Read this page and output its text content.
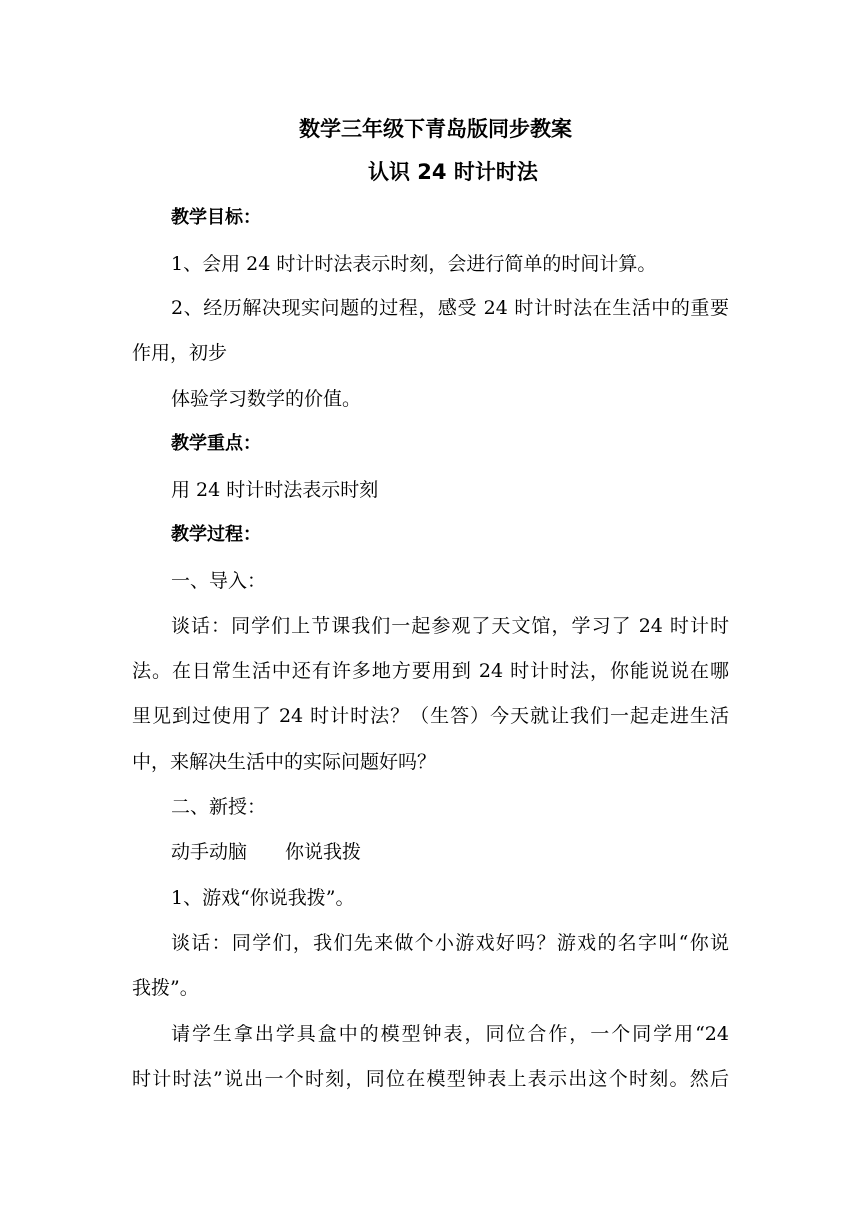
数学三年级下青岛版同步教案
认识 24 时计时法
教学目标：
1、会用 24 时计时法表示时刻，会进行简单的时间计算。
2、经历解决现实问题的过程，感受 24 时计时法在生活中的重要
作用，初步
体验学习数学的价值。
教学重点：
用 24 时计时法表示时刻
教学过程：
一、导入：
谈话：同学们上节课我们一起参观了天文馆，学习了 24 时计时
法。在日常生活中还有许多地方要用到 24 时计时法，你能说说在哪
里见到过使用了 24 时计时法？（生答）今天就让我们一起走进生活
中，来解决生活中的实际问题好吗？
二、新授：
动手动脑 你说我拨
1、游戏“你说我拨”。
谈话：同学们，我们先来做个小游戏好吗？游戏的名字叫“你说
我拨”。
请学生拿出学具盒中的模型钟表，同位合作，一个同学用“24
时计时法”说出一个时刻，同位在模型钟表上表示出这个时刻。然后
